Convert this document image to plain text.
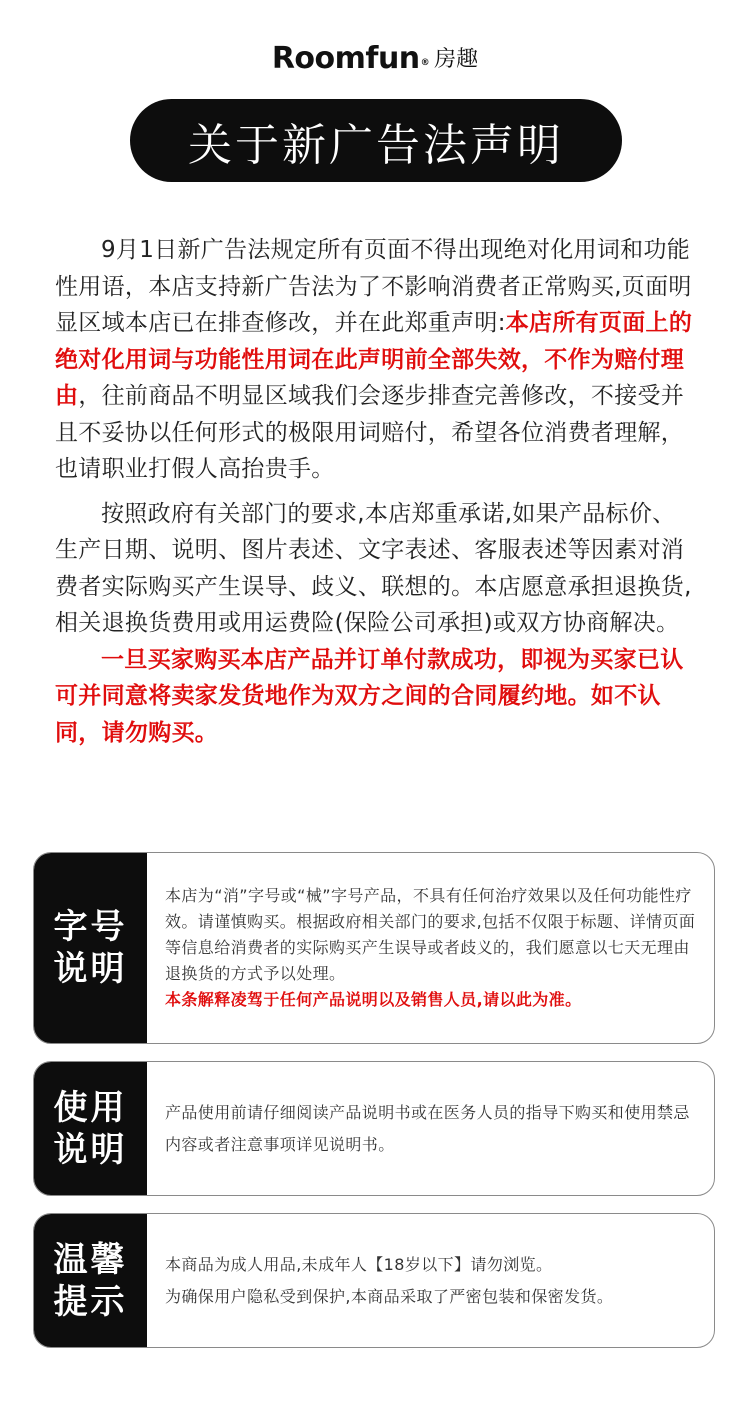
Roomfun® 房趣
关于新广告法声明

9月1日新广告法规定所有页面不得出现绝对化用词和功能性用语，本店支持新广告法为了不影响消费者正常购买,页面明显区域本店已在排查修改，并在此郑重声明:本店所有页面上的绝对化用词与功能性用词在此声明前全部失效，不作为赔付理由，往前商品不明显区域我们会逐步排查完善修改，不接受并且不妥协以任何形式的极限用词赔付，希望各位消费者理解，也请职业打假人高抬贵手。

按照政府有关部门的要求,本店郑重承诺,如果产品标价、生产日期、说明、图片表述、文字表述、客服表述等因素对消费者实际购买产生误导、歧义、联想的。本店愿意承担退换货,相关退换货费用或用运费险(保险公司承担)或双方协商解决。

一旦买家购买本店产品并订单付款成功，即视为买家已认可并同意将卖家发货地作为双方之间的合同履约地。如不认同，请勿购买。

字号
说明
本店为“消”字号或“械”字号产品，不具有任何治疗效果以及任何功能性疗效。请谨慎购买。根据政府相关部门的要求,包括不仅限于标题、详情页面等信息给消费者的实际购买产生误导或者歧义的，我们愿意以七天无理由退换货的方式予以处理。
本条解释凌驾于任何产品说明以及销售人员,请以此为准。
使用
说明
产品使用前请仔细阅读产品说明书或在医务人员的指导下购买和使用禁忌内容或者注意事项详见说明书。
温馨
提示
本商品为成人用品,未成年人【18岁以下】请勿浏览。
为确保用户隐私受到保护,本商品采取了严密包装和保密发货。
